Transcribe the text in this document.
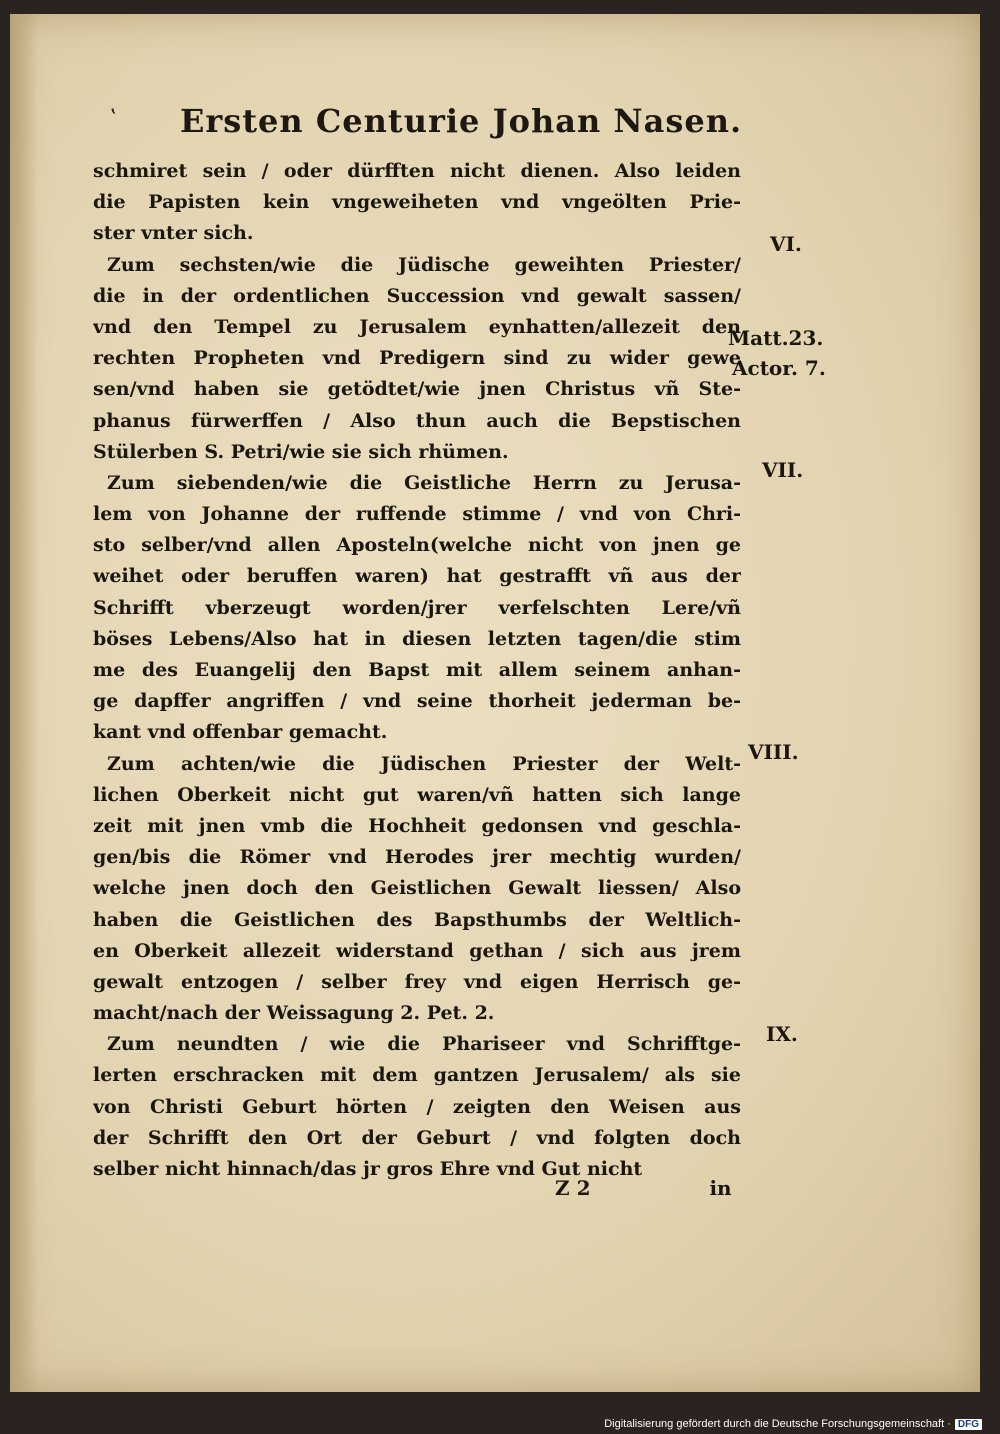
‛ Ersten Centurie Johan Nasen.
schmiret sein / oder dürfften nicht dienen. Also leiden
die Papisten kein vngeweiheten vnd vngeölten Prie-
ster vnter sich.
Zum sechsten/wie die Jüdische geweihten Priester/
die in der ordentlichen Succession vnd gewalt sassen/
vnd den Tempel zu Jerusalem eynhatten/allezeit den
rechten Propheten vnd Predigern sind zu wider gewe
sen/vnd haben sie getödtet/wie jnen Christus vñ Ste-
phanus fürwerffen / Also thun auch die Bepstischen
Stülerben S. Petri/wie sie sich rhümen.
Zum siebenden/wie die Geistliche Herrn zu Jerusa-
lem von Johanne der ruffende stimme / vnd von Chri-
sto selber/vnd allen Aposteln(welche nicht von jnen ge
weihet oder beruffen waren) hat gestrafft vñ aus der
Schrifft vberzeugt worden/jrer verfelschten Lere/vñ
böses Lebens/Also hat in diesen letzten tagen/die stim
me des Euangelij den Bapst mit allem seinem anhan-
ge dapffer angriffen / vnd seine thorheit jederman be-
kant vnd offenbar gemacht.
Zum achten/wie die Jüdischen Priester der Welt-
lichen Oberkeit nicht gut waren/vñ hatten sich lange
zeit mit jnen vmb die Hochheit gedonsen vnd geschla-
gen/bis die Römer vnd Herodes jrer mechtig wurden/
welche jnen doch den Geistlichen Gewalt liessen/ Also
haben die Geistlichen des Bapsthumbs der Weltlich-
en Oberkeit allezeit widerstand gethan / sich aus jrem
gewalt entzogen / selber frey vnd eigen Herrisch ge-
macht/nach der Weissagung 2. Pet. 2.
Zum neundten / wie die Phariseer vnd Schrifftge-
lerten erschracken mit dem gantzen Jerusalem/ als sie
von Christi Geburt hörten / zeigten den Weisen aus
der Schrifft den Ort der Geburt / vnd folgten doch
selber nicht hinnach/das jr gros Ehre vnd Gut nicht
VI.
Matt.23.
Actor. 7.
VII.
VIII.
IX.
Z 2	in
Digitalisierung gefördert durch die Deutsche Forschungsgemeinschaft · DFG
